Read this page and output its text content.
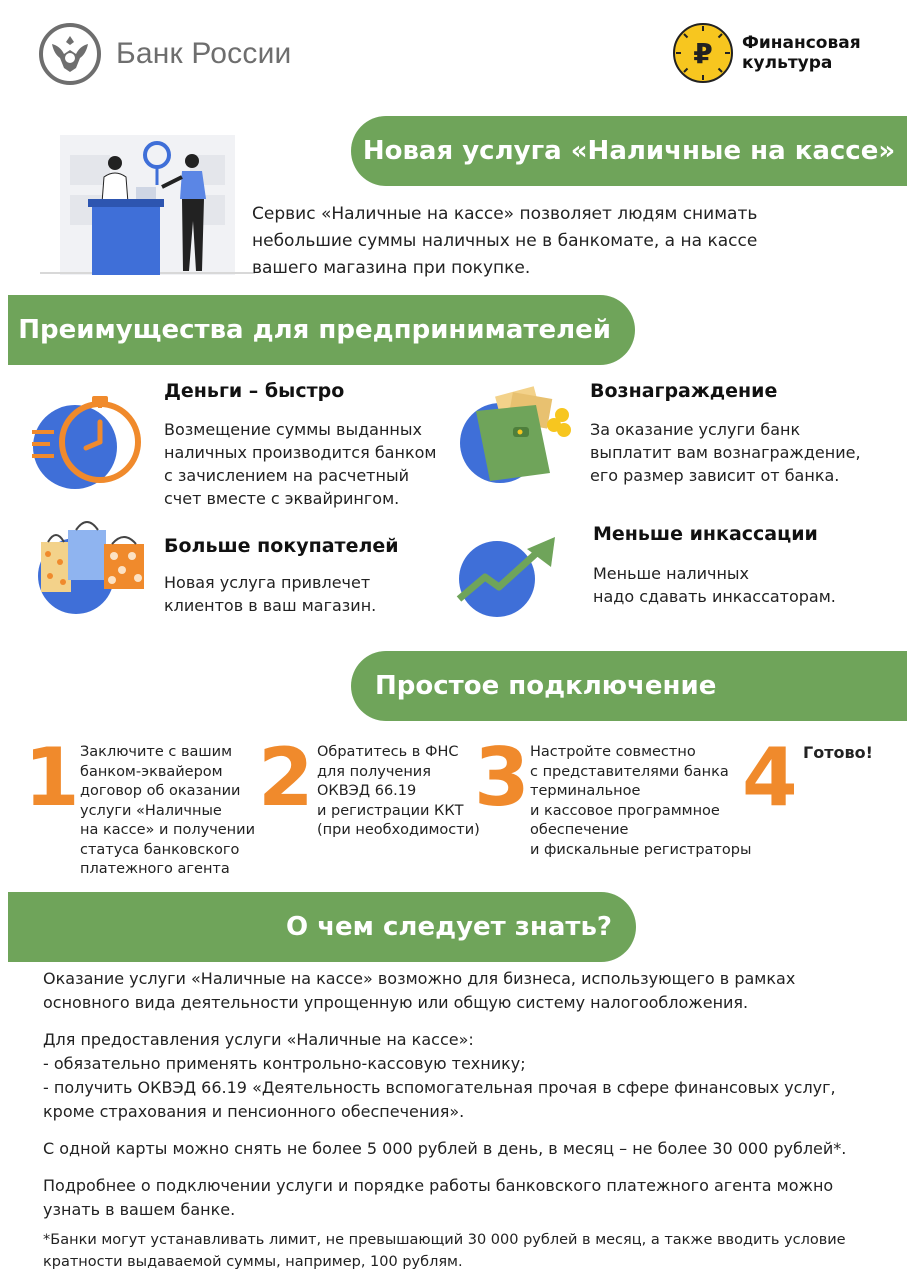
Банк России	₽ Финансовая
культура
Новая услуга «Наличные на кассе»
Сервис «Наличные на кассе» позволяет людям снимать
небольшие суммы наличных не в банкомате, а на кассе
вашего магазина при покупке.
Преимущества для предпринимателей
Деньги – быстро
Возмещение суммы выданных
наличных производится банком
с зачислением на расчетный
счет вместе с эквайрингом.
Вознаграждение
За оказание услуги банк
выплатит вам вознаграждение,
его размер зависит от банка.
Больше покупателей
Новая услуга привлечет
клиентов в ваш магазин.
Меньше инкассации
Меньше наличных
надо сдавать инкассаторам.
Простое подключение
1 Заключите с вашим
банком-эквайером
договор об оказании
услуги «Наличные
на кассе» и получении
статуса банковского
платежного агента
2 Обратитесь в ФНС
для получения
ОКВЭД 66.19
и регистрации ККТ
(при необходимости)
3 Настройте совместно
с представителями банка
терминальное
и кассовое программное
обеспечение
и фискальные регистраторы
4 Готово!
О чем следует знать?

Оказание услуги «Наличные на кассе» возможно для бизнеса, использующего в рамках
основного вида деятельности упрощенную или общую систему налогообложения.

Для предоставления услуги «Наличные на кассе»:
- обязательно применять контрольно-кассовую технику;
- получить ОКВЭД 66.19 «Деятельность вспомогательная прочая в сфере финансовых услуг,
кроме страхования и пенсионного обеспечения».

С одной карты можно снять не более 5 000 рублей в день, в месяц – не более 30 000 рублей*.

Подробнее о подключении услуги и порядке работы банковского платежного агента можно
узнать в вашем банке.

*Банки могут устанавливать лимит, не превышающий 30 000 рублей в месяц, а также вводить условие
кратности выдаваемой суммы, например, 100 рублям.
